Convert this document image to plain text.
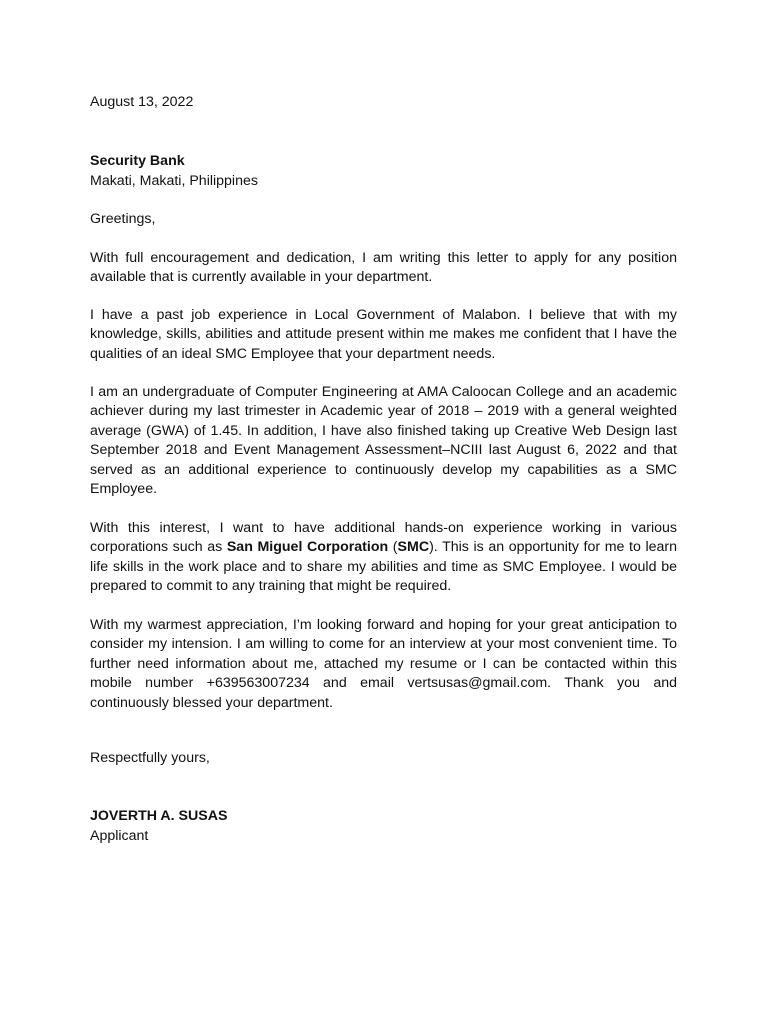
August 13, 2022

Security Bank

Makati, Makati, Philippines

Greetings,

With full encouragement and dedication, I am writing this letter to apply for any position available that is currently available in your department.

I have a past job experience in Local Government of Malabon. I believe that with my knowledge, skills, abilities and attitude present within me makes me confident that I have the qualities of an ideal SMC Employee that your department needs.

I am an undergraduate of Computer Engineering at AMA Caloocan College and an academic achiever during my last trimester in Academic year of 2018 – 2019 with a general weighted average (GWA) of 1.45. In addition, I have also finished taking up Creative Web Design last September 2018 and Event Management Assessment–NCIII last August 6, 2022 and that served as an additional experience to continuously develop my capabilities as a SMC Employee.

With this interest, I want to have additional hands-on experience working in various corporations such as San Miguel Corporation (SMC). This is an opportunity for me to learn life skills in the work place and to share my abilities and time as SMC Employee. I would be prepared to commit to any training that might be required.

With my warmest appreciation, I’m looking forward and hoping for your great anticipation to consider my intension. I am willing to come for an interview at your most convenient time. To further need information about me, attached my resume or I can be contacted within this mobile number +639563007234 and email vertsusas@gmail.com. Thank you and continuously blessed your department.

Respectfully yours,

JOVERTH A. SUSAS

Applicant
